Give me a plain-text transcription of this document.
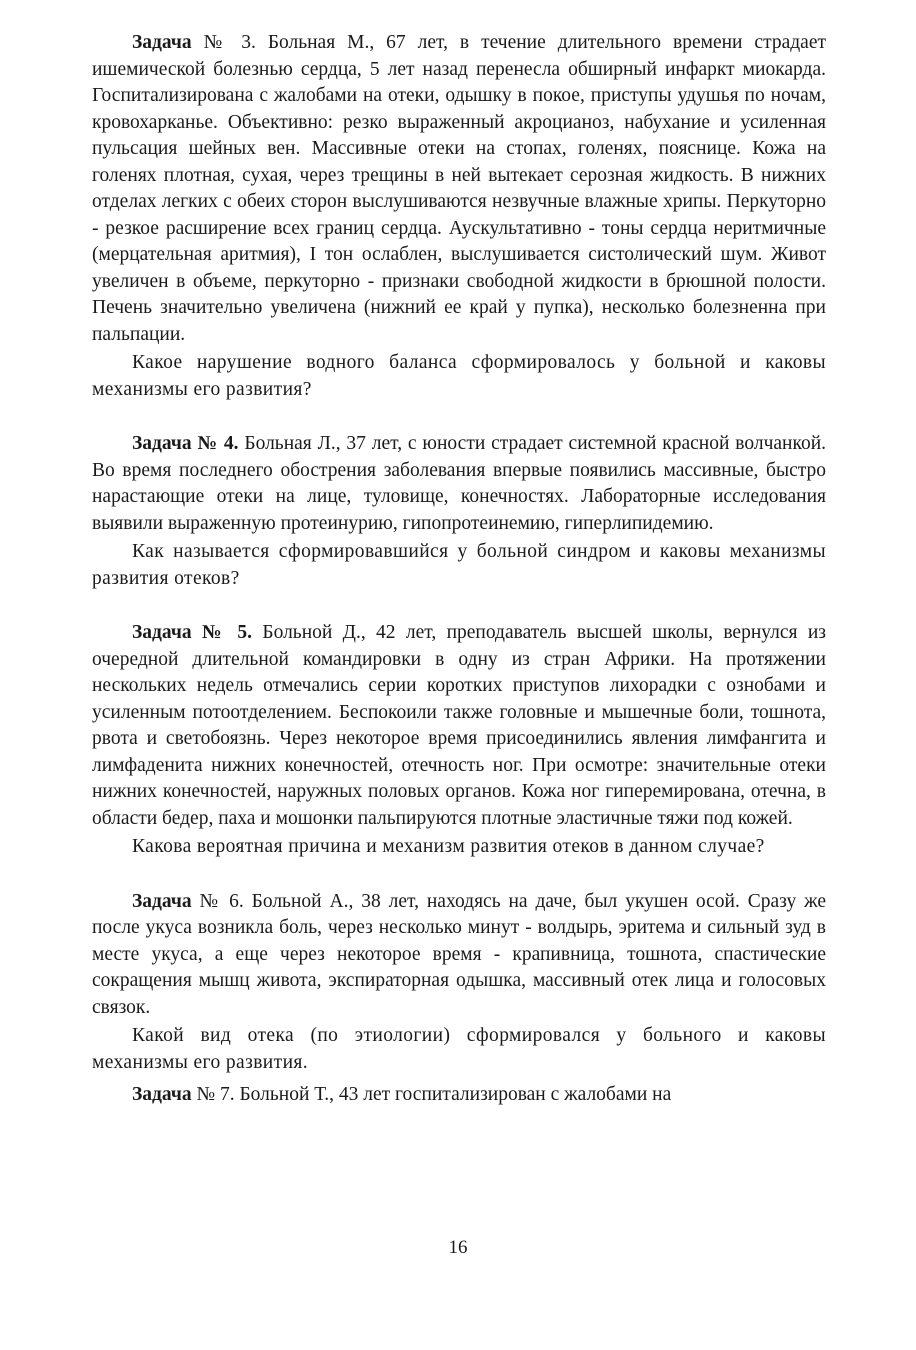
Задача № 3. Больная М., 67 лет, в течение длительного времени страдает ишемической болезнью сердца, 5 лет назад перенесла обширный инфаркт миокарда. Госпитализирована с жалобами на отеки, одышку в покое, приступы удушья по ночам, кровохарканье. Объективно: резко выраженный акроцианоз, набухание и усиленная пульсация шейных вен. Массивные отеки на стопах, голенях, пояснице. Кожа на голенях плотная, сухая, через трещины в ней вытекает серозная жидкость. В нижних отделах легких с обеих сторон выслушиваются незвучные влажные хрипы. Перкуторно - резкое расширение всех границ сердца. Аускультативно - тоны сердца неритмичные (мерцательная аритмия), I тон ослаблен, выслушивается систолический шум. Живот увеличен в объеме, перкуторно - признаки свободной жидкости в брюшной полости. Печень значительно увеличена (нижний ее край у пупка), несколько болезненна при пальпации.

Какое нарушение водного баланса сформировалось у больной и каковы механизмы его развития?

Задача № 4. Больная Л., 37 лет, с юности страдает системной красной волчанкой. Во время последнего обострения заболевания впервые появились массивные, быстро нарастающие отеки на лице, туловище, конечностях. Лабораторные исследования выявили выраженную протеинурию, гипопротеинемию, гиперлипидемию.

Как называется сформировавшийся у больной синдром и каковы механизмы развития отеков?

Задача № 5. Больной Д., 42 лет, преподаватель высшей школы, вернулся из очередной длительной командировки в одну из стран Африки. На протяжении нескольких недель отмечались серии коротких приступов лихорадки с ознобами и усиленным потоотделением. Беспокоили также головные и мышечные боли, тошнота, рвота и светобоязнь. Через некоторое время присоединились явления лимфангита и лимфаденита нижних конечностей, отечность ног. При осмотре: значительные отеки нижних конечностей, наружных половых органов. Кожа ног гиперемирована, отечна, в области бедер, паха и мошонки пальпируются плотные эластичные тяжи под кожей.

Какова вероятная причина и механизм развития отеков в данном случае?

Задача № 6. Больной А., 38 лет, находясь на даче, был укушен осой. Сразу же после укуса возникла боль, через несколько минут - волдырь, эритема и сильный зуд в месте укуса, а еще через некоторое время - крапивница, тошнота, спастические сокращения мышц живота, экспираторная одышка, массивный отек лица и голосовых связок.

Какой вид отека (по этиологии) сформировался у больного и каковы механизмы его развития.

Задача № 7. Больной Т., 43 лет госпитализирован с жалобами на

16
